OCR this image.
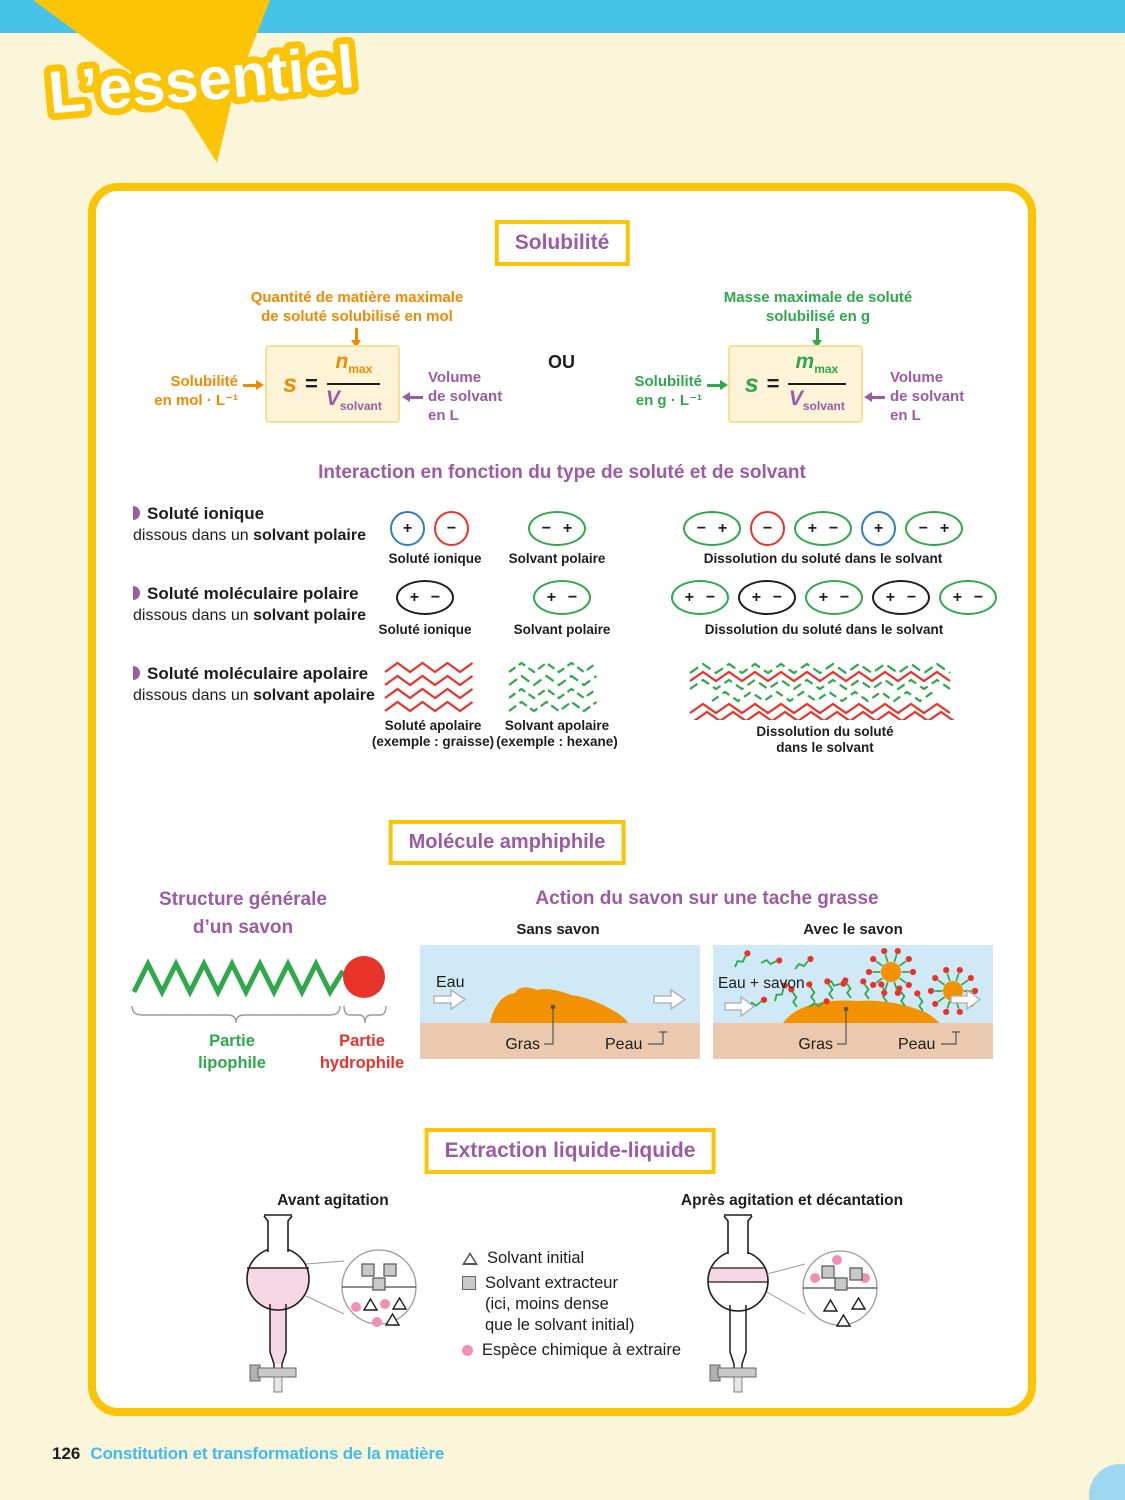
L’essentiel
Solubilité
Quantité de matière maximale
de soluté solubilisé en mol
$s = \frac{n_{max}}{V_{solvant}}$
Solubilité
en mol · L⁻¹
Volume
de solvant
en L
OU
Masse maximale de soluté
solubilisé en g
$s = \frac{m_{max}}{V_{solvant}}$
Solubilité
en g · L⁻¹
Volume
de solvant
en L
Interaction en fonction du type de soluté et de solvant
Soluté ionique
dissous dans un solvant polaire + −
Soluté ionique
− +
Solvant polaire
− + − + − + − +
Dissolution du soluté dans le solvant
Soluté moléculaire polaire
dissous dans un solvant polaire
+ −
Soluté ionique
+ −
Solvant polaire
+ − + − + − + − + −
Dissolution du soluté dans le solvant
Soluté moléculaire apolaire
dissous dans un solvant apolaire
Soluté apolaire
(exemple : graisse)
Solvant apolaire
(exemple : hexane)
Dissolution du soluté
dans le solvant
Molécule amphiphile
Structure générale
d’un savon
Action du savon sur une tache grasse
Sans savon	Avec le savon
Partie
lipophile
Partie
hydrophile
Eau
Gras	Peau
Eau + savon
Gras	Peau
Extraction liquide-liquide
Avant agitation	Après agitation et décantation
Solvant initial
Solvant extracteur
(ici, moins dense
que le solvant initial)
Espèce chimique à extraire
126 Constitution et transformations de la matière
